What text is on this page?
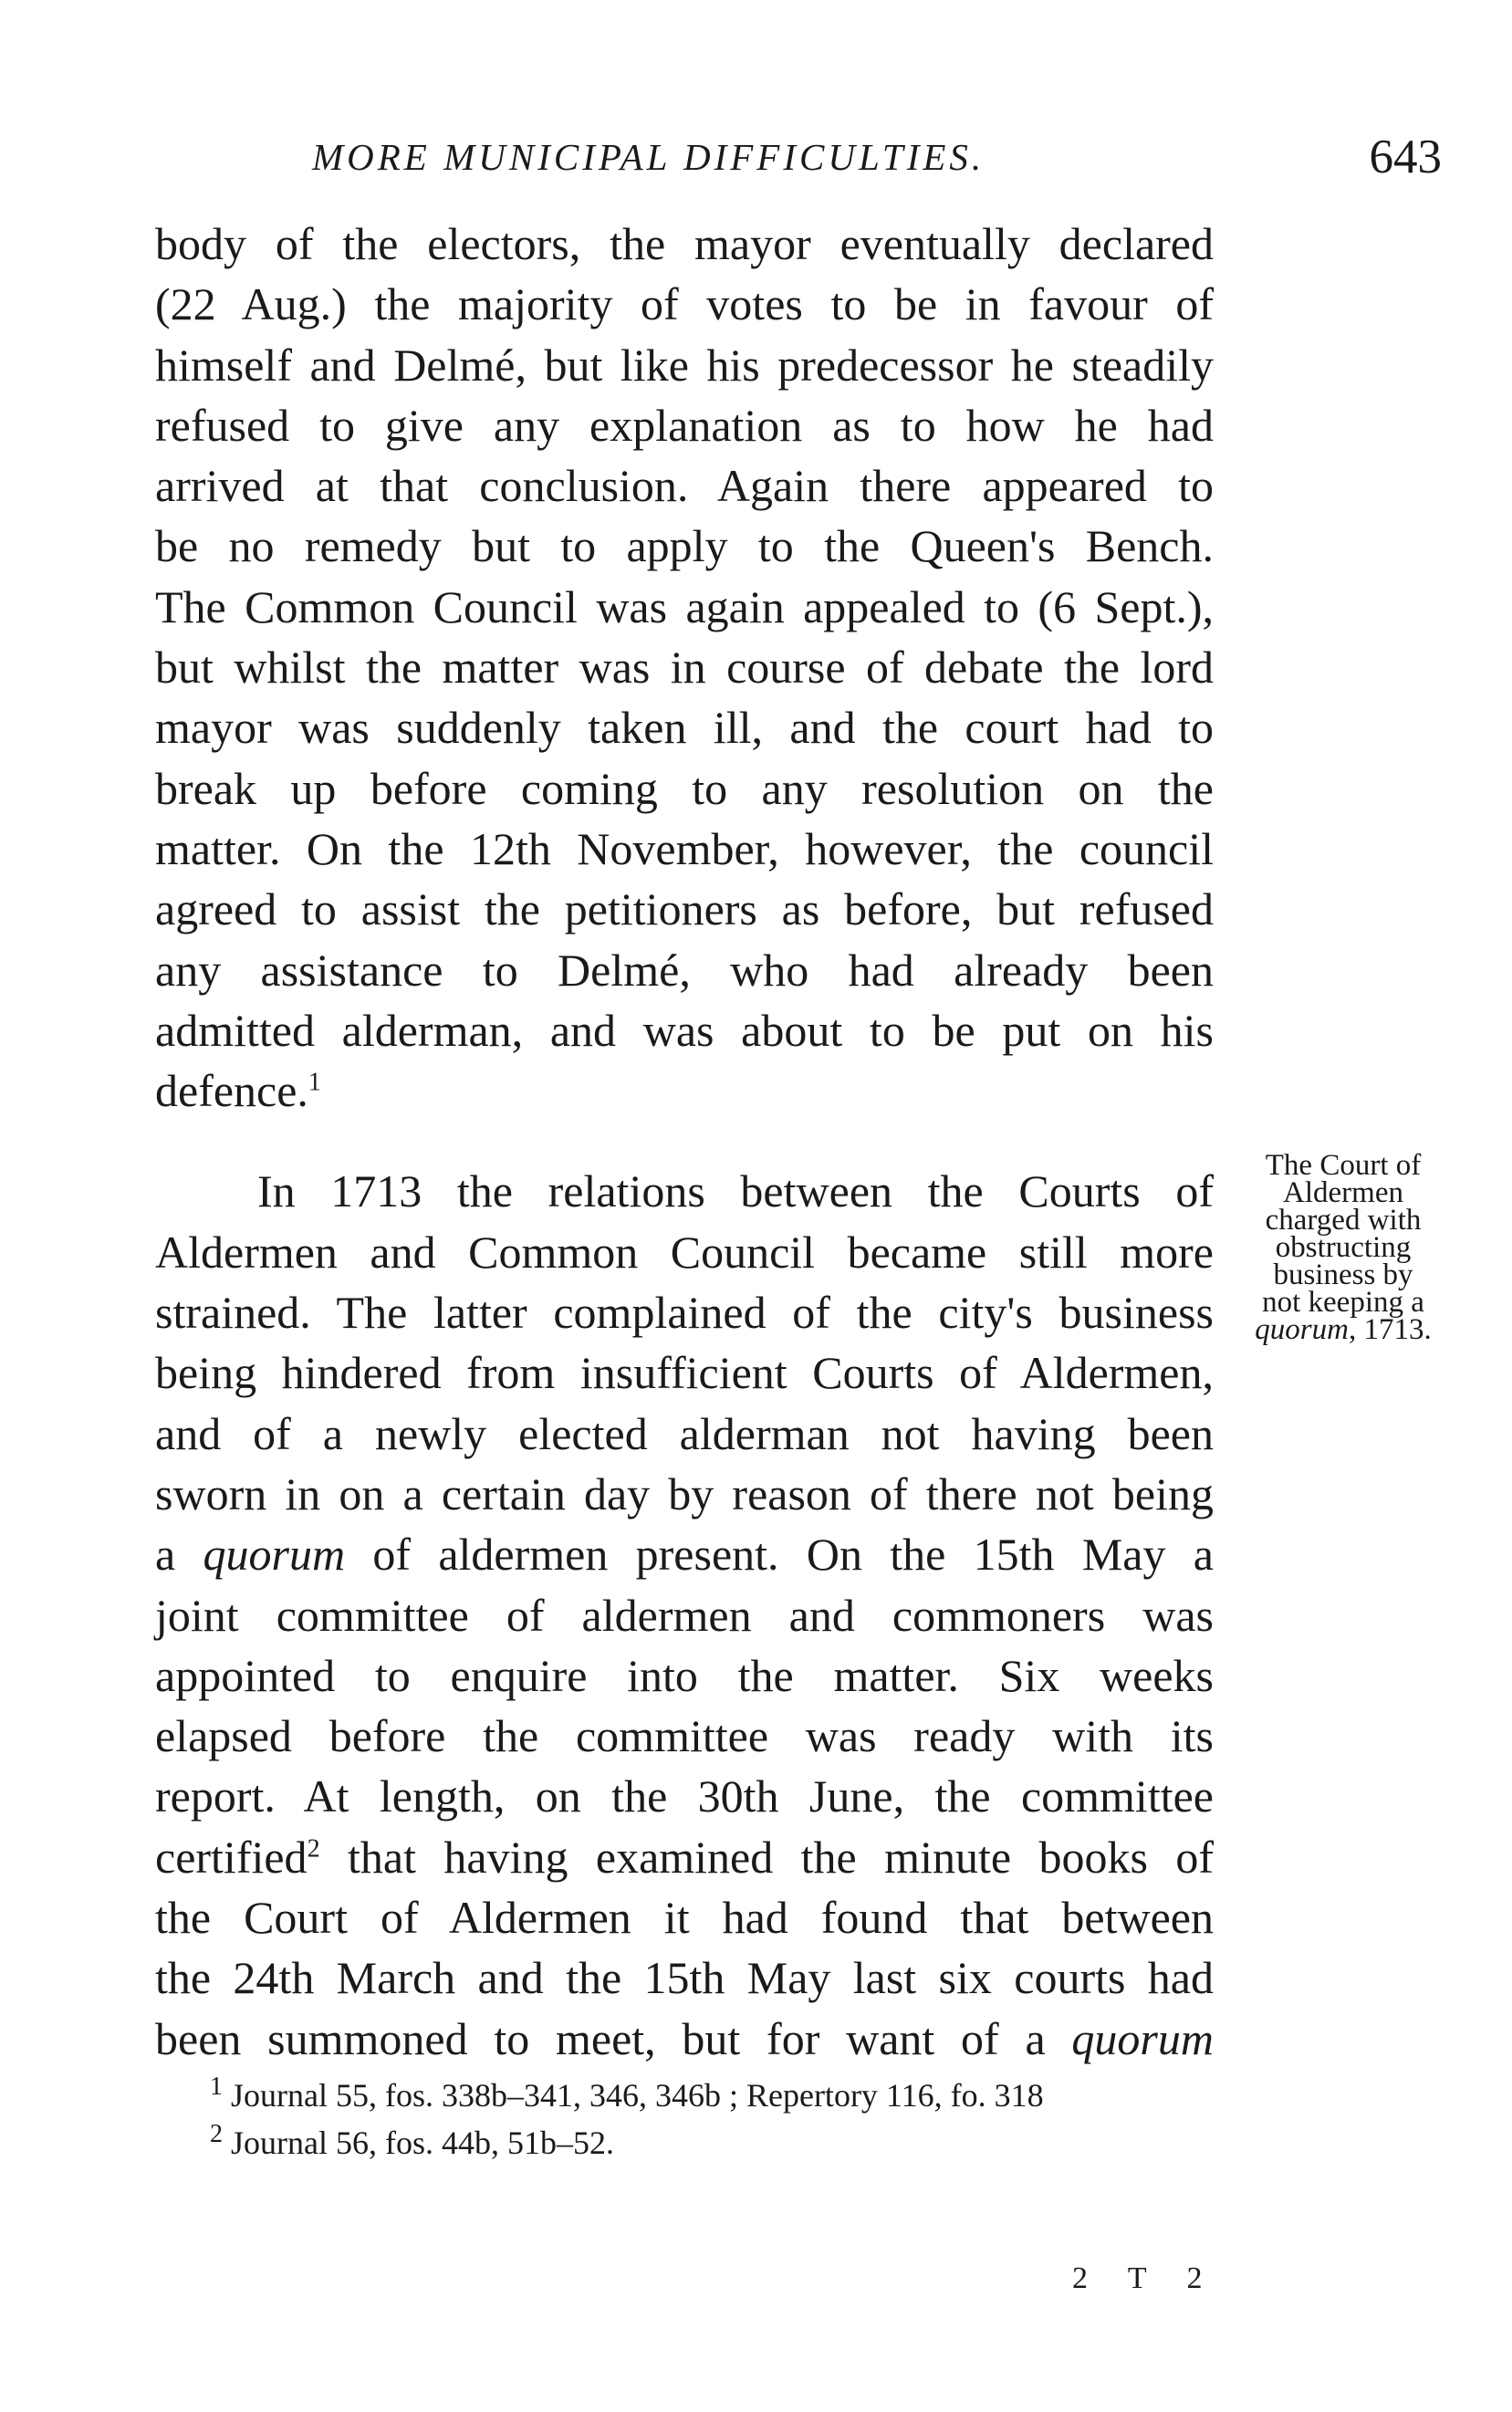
MORE MUNICIPAL DIFFICULTIES.	643
body of the electors, the mayor eventually declared
(22 Aug.) the majority of votes to be in favour of
himself and Delmé, but like his predecessor he steadily
refused to give any explanation as to how he had
arrived at that conclusion. Again there appeared to
be no remedy but to apply to the Queen's Bench.
The Common Council was again appealed to (6 Sept.),
but whilst the matter was in course of debate the lord
mayor was suddenly taken ill, and the court had to
break up before coming to any resolution on the
matter. On the 12th November, however, the council
agreed to assist the petitioners as before, but refused
any assistance to Delmé, who had already been
admitted alderman, and was about to be put on his
defence.$^1$
In 1713 the relations between the Courts of
Aldermen and Common Council became still more
strained. The latter complained of the city's business
being hindered from insufficient Courts of Aldermen,
and of a newly elected alderman not having been
sworn in on a certain day by reason of there not being
a quorum of aldermen present. On the 15th May a
joint committee of aldermen and commoners was
appointed to enquire into the matter. Six weeks
elapsed before the committee was ready with its
report. At length, on the 30th June, the committee
certified$^2$ that having examined the minute books of
the Court of Aldermen it had found that between
the 24th March and the 15th May last six courts had
been summoned to meet, but for want of a quorum
The Court of
Aldermen
charged with
obstructing
business by
not keeping a
quorum, 1713.
$^1$ Journal 55, fos. 338b–341, 346, 346b ; Repertory 116, fo. 318
$^2$ Journal 56, fos. 44b, 51b–52.
2 T 2
